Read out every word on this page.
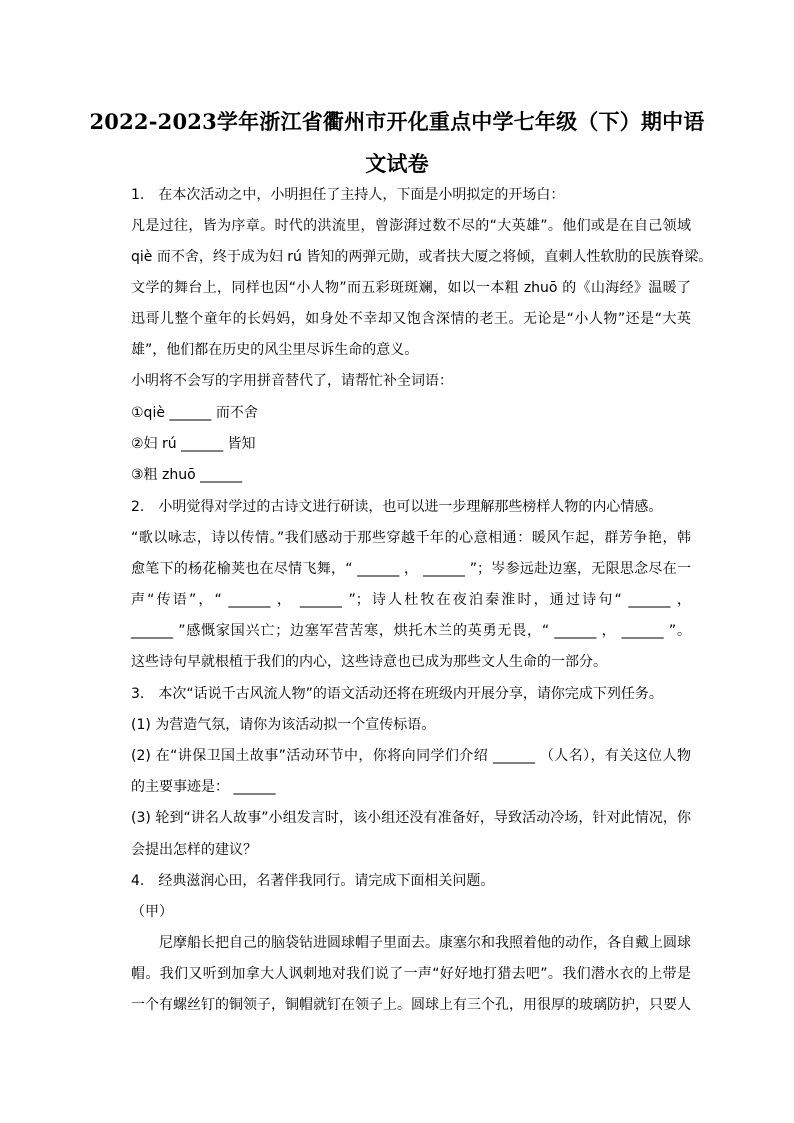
2022-2023学年浙江省衢州市开化重点中学七年级（下）期中语
文试卷
1.　在本次活动之中，小明担任了主持人，下面是小明拟定的开场白：
凡是过往，皆为序章。时代的洪流里，曾澎湃过数不尽的“大英雄”。他们或是在自己领域
qiè 而不舍，终于成为妇 rú 皆知的两弹元勋，或者扶大厦之将倾，直刺人性软肋的民族脊梁。
文学的舞台上，同样也因“小人物”而五彩斑斑斓，如以一本粗 zhuō 的《山海经》温暖了
迅哥儿整个童年的长妈妈，如身处不幸却又饱含深情的老王。无论是“小人物”还是“大英
雄”，他们都在历史的风尘里尽诉生命的意义。
小明将不会写的字用拼音替代了，请帮忙补全词语：
①qiè ______ 而不舍
②妇 rú ______ 皆知
③粗 zhuō ______
2.　小明觉得对学过的古诗文进行研读，也可以进一步理解那些榜样人物的内心情感。
“歌以咏志，诗以传情。”我们感动于那些穿越千年的心意相通：暖风乍起，群芳争艳，韩
愈笔下的杨花榆荚也在尽情飞舞，“ ______ ， ______ ”；岑参远赴边塞，无限思念尽在一
声“传语”，“ ______ ， ______ ”；诗人杜牧在夜泊秦淮时，通过诗句“ ______ ，
______ ”感慨家国兴亡；边塞军营苦寒，烘托木兰的英勇无畏，“ ______ ， ______ ”。
这些诗句早就根植于我们的内心，这些诗意也已成为那些文人生命的一部分。
3.　本次“话说千古风流人物”的语文活动还将在班级内开展分享，请你完成下列任务。
(1) 为营造气氛，请你为该活动拟一个宣传标语。
(2) 在“讲保卫国土故事”活动环节中，你将向同学们介绍 ______ （人名），有关这位人物
的主要事迹是： ______
(3) 轮到“讲名人故事”小组发言时，该小组还没有准备好，导致活动冷场，针对此情况，你
会提出怎样的建议？
4.　经典滋润心田，名著伴我同行。请完成下面相关问题。
（甲）
尼摩船长把自己的脑袋钻进圆球帽子里面去。康塞尔和我照着他的动作，各自戴上圆球
帽。我们又听到加拿大人讽刺地对我们说了一声“好好地打猎去吧”。我们潜水衣的上带是
一个有螺丝钉的铜领子，铜帽就钉在领子上。圆球上有三个孔，用很厚的玻璃防护，只要人
